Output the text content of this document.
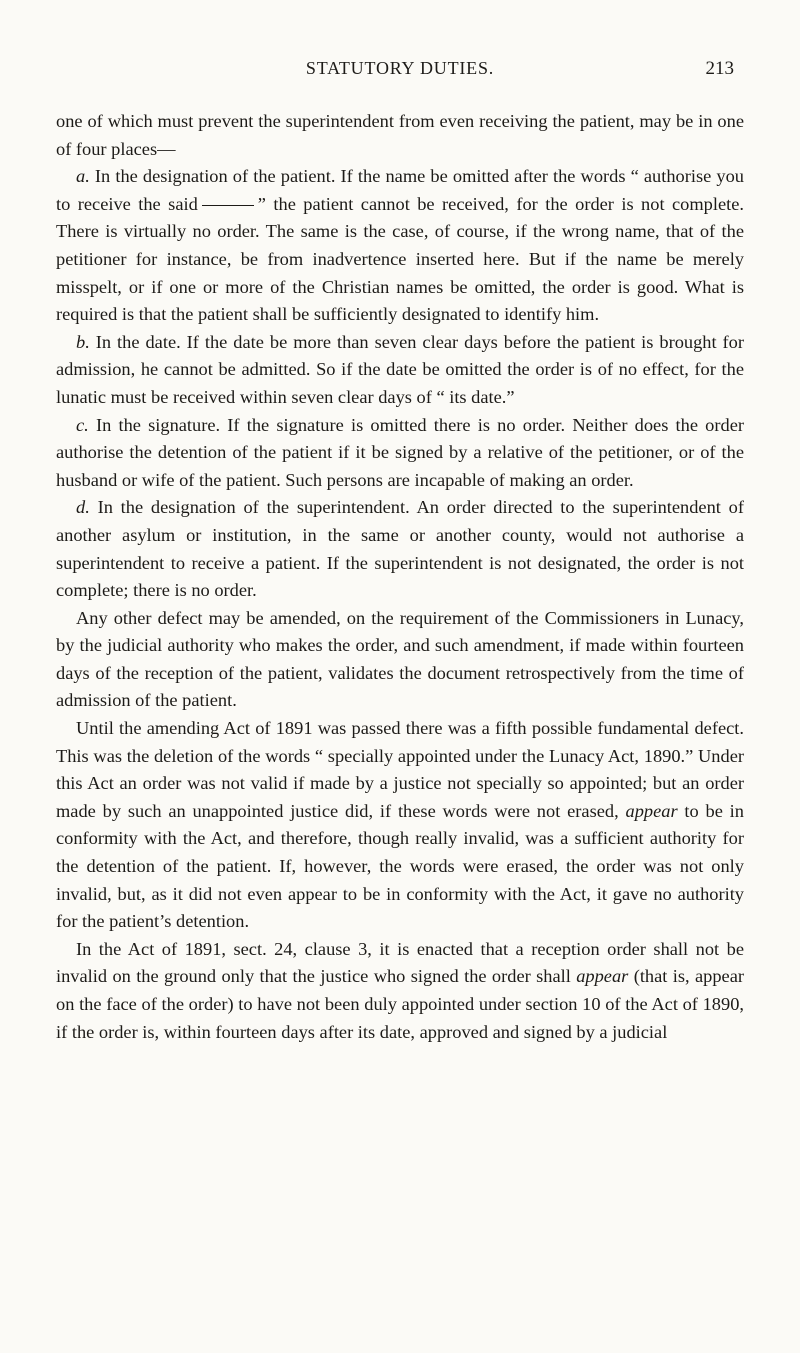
STATUTORY DUTIES.	213

one of which must prevent the superintendent from even receiving the patient, may be in one of four places—

a. In the designation of the patient. If the name be omitted after the words “ authorise you to receive the said	” the patient cannot be received, for the order is not complete. There is virtually no order. The same is the case, of course, if the wrong name, that of the petitioner for instance, be from inadvertence inserted here. But if the name be merely misspelt, or if one or more of the Christian names be omitted, the order is good. What is required is that the patient shall be sufficiently designated to identify him.

b. In the date. If the date be more than seven clear days before the patient is brought for admission, he cannot be admitted. So if the date be omitted the order is of no effect, for the lunatic must be received within seven clear days of “ its date.”

c. In the signature. If the signature is omitted there is no order. Neither does the order authorise the detention of the patient if it be signed by a relative of the petitioner, or of the husband or wife of the patient. Such persons are incapable of making an order.

d. In the designation of the superintendent. An order directed to the superintendent of another asylum or institution, in the same or another county, would not authorise a superintendent to receive a patient. If the superintendent is not designated, the order is not complete; there is no order.

Any other defect may be amended, on the requirement of the Commissioners in Lunacy, by the judicial authority who makes the order, and such amendment, if made within fourteen days of the reception of the patient, validates the document retrospectively from the time of admission of the patient.

Until the amending Act of 1891 was passed there was a fifth possible fundamental defect. This was the deletion of the words “ specially appointed under the Lunacy Act, 1890.” Under this Act an order was not valid if made by a justice not specially so appointed; but an order made by such an unappointed justice did, if these words were not erased, appear to be in conformity with the Act, and therefore, though really invalid, was a sufficient authority for the detention of the patient. If, however, the words were erased, the order was not only invalid, but, as it did not even appear to be in conformity with the Act, it gave no authority for the patient’s detention.

In the Act of 1891, sect. 24, clause 3, it is enacted that a reception order shall not be invalid on the ground only that the justice who signed the order shall appear (that is, appear on the face of the order) to have not been duly appointed under section 10 of the Act of 1890, if the order is, within fourteen days after its date, approved and signed by a judicial
